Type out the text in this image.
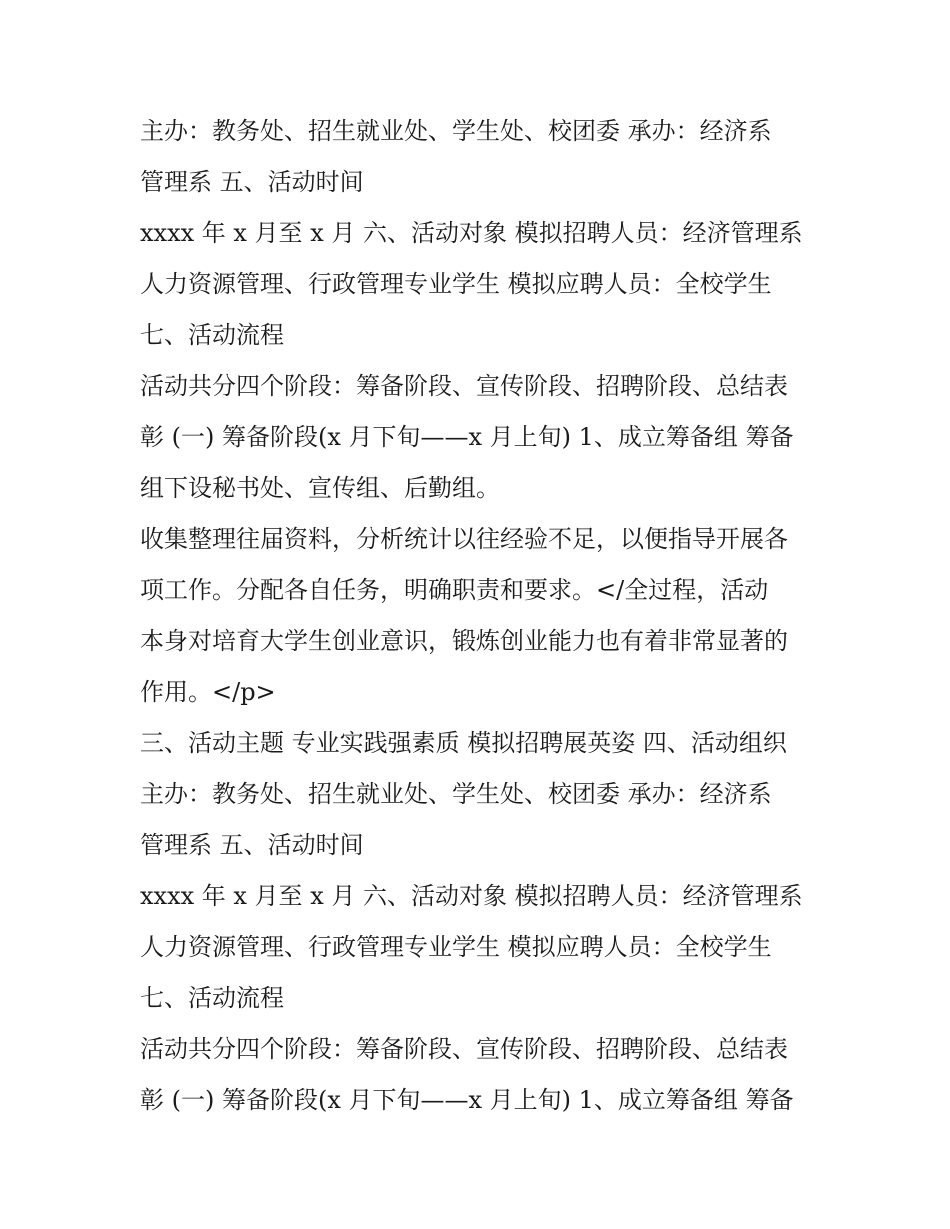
主办：教务处、招生就业处、学生处、校团委 承办：经济系
管理系 五、活动时间
xxxx 年 x 月至 x 月 六、活动对象 模拟招聘人员：经济管理系
人力资源管理、行政管理专业学生 模拟应聘人员：全校学生
七、活动流程
活动共分四个阶段：筹备阶段、宣传阶段、招聘阶段、总结表
彰 (一) 筹备阶段(x 月下旬——x 月上旬) 1、成立筹备组 筹备
组下设秘书处、宣传组、后勤组。
收集整理往届资料，分析统计以往经验不足，以便指导开展各
项工作。分配各自任务，明确职责和要求。</全过程，活动
本身对培育大学生创业意识，锻炼创业能力也有着非常显著的
作用。</p>
三、活动主题 专业实践强素质 模拟招聘展英姿 四、活动组织
主办：教务处、招生就业处、学生处、校团委 承办：经济系
管理系 五、活动时间
xxxx 年 x 月至 x 月 六、活动对象 模拟招聘人员：经济管理系
人力资源管理、行政管理专业学生 模拟应聘人员：全校学生
七、活动流程
活动共分四个阶段：筹备阶段、宣传阶段、招聘阶段、总结表
彰 (一) 筹备阶段(x 月下旬——x 月上旬) 1、成立筹备组 筹备
